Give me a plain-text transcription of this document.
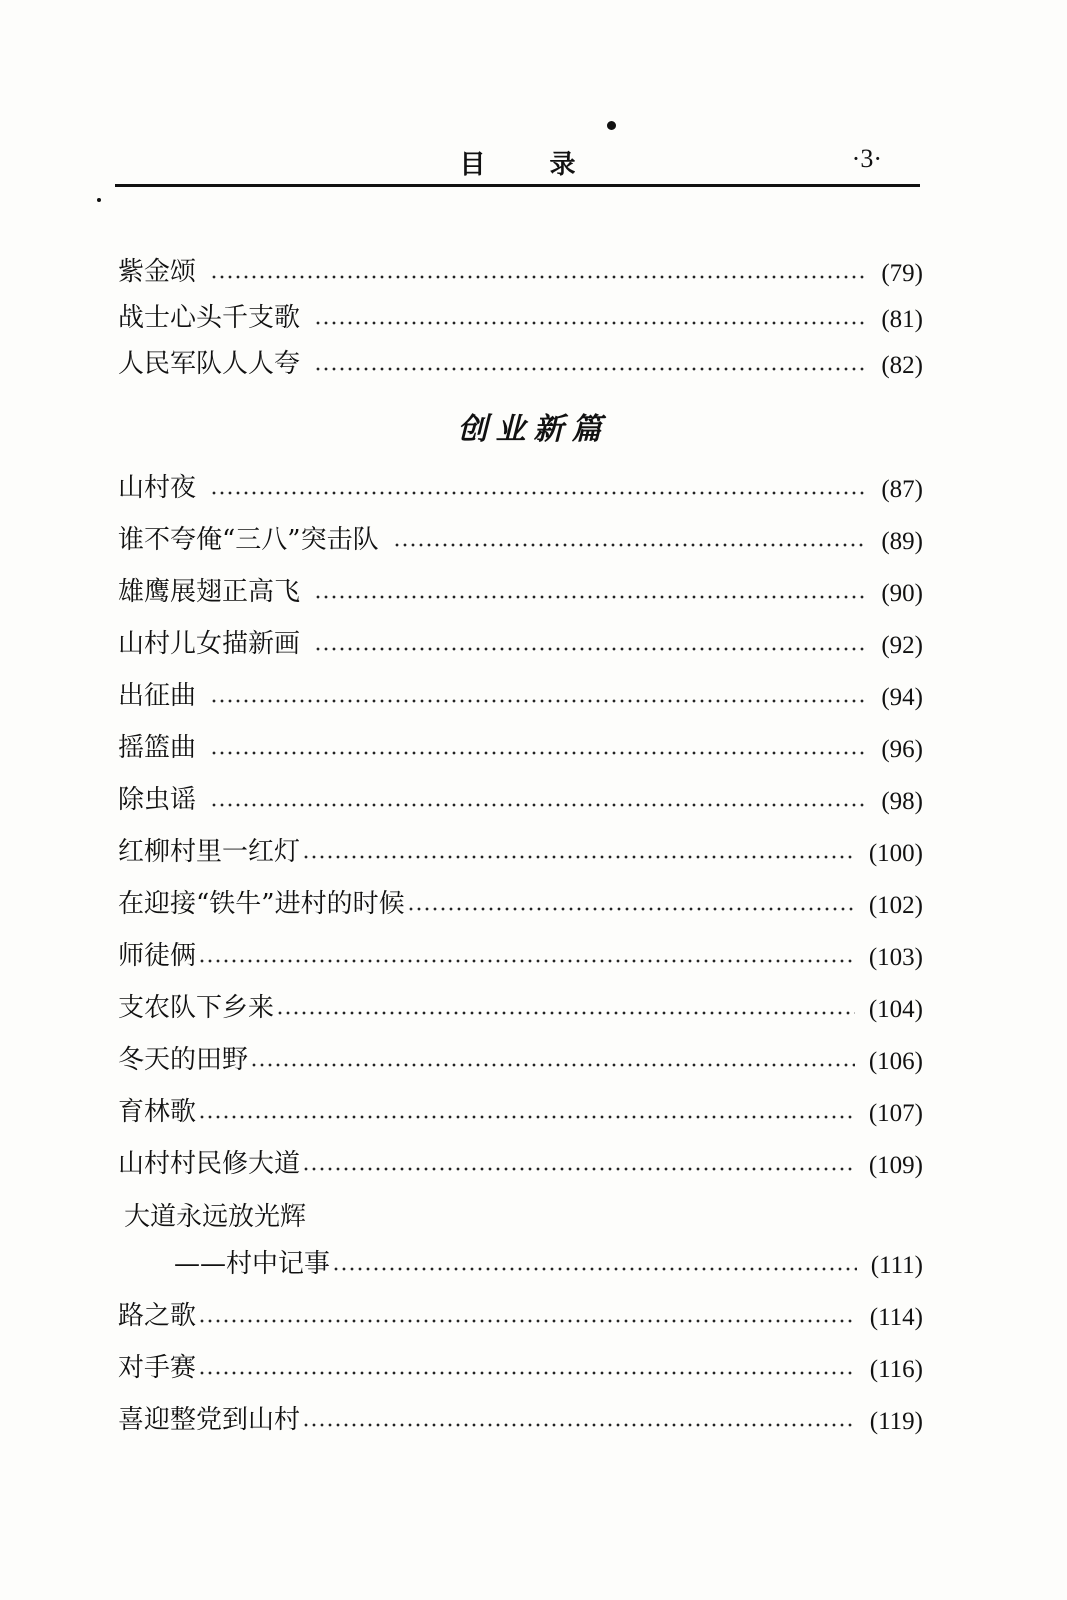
目录	·3·
紫金颂	(79)
战士心头千支歌	(81)
人民军队人人夸	(82)
创业新篇
山村夜	(87)
谁不夸俺“三八”突击队	(89)
雄鹰展翅正高飞	(90)
山村儿女描新画	(92)
出征曲	(94)
摇篮曲	(96)
除虫谣	(98)
红柳村里一红灯	(100)
在迎接“铁牛”进村的时候	(102)
师徒俩	(103)
支农队下乡来	(104)
冬天的田野	(106)
育林歌	(107)
山村村民修大道	(109)
大道永远放光辉
——村中记事	(111)
路之歌	(114)
对手赛	(116)
喜迎整党到山村	(119)
